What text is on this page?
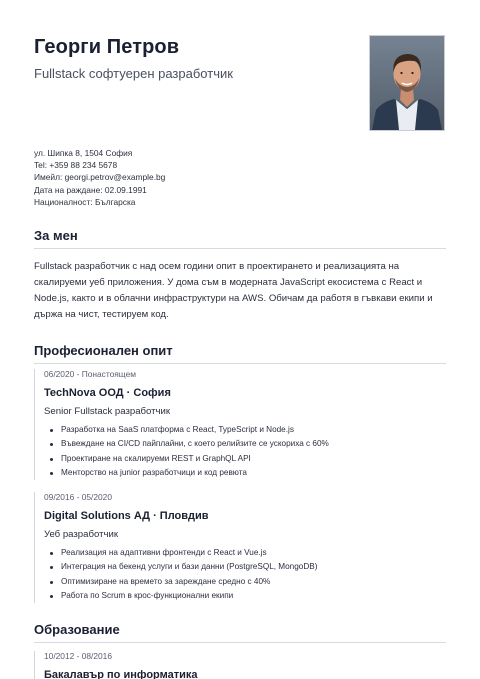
Георги Петров
Fullstack софтуерен разработчик
ул. Шипка 8, 1504 София
Tel: +359 88 234 5678
Имейл: georgi.petrov@example.bg
Дата на раждане: 02.09.1991
Националност: Българска
За мен
Fullstack разработчик с над осем години опит в проектирането и реализацията на скалируеми уеб приложения. У дома съм в модерната JavaScript екосистема с React и Node.js, както и в облачни инфраструктури на AWS. Обичам да работя в гъвкави екипи и държа на чист, тестируем код.
Професионален опит
06/2020 - Понастоящем
TechNova ООД · София
Senior Fullstack разработчик
Разработка на SaaS платформа с React, TypeScript и Node.js
Въвеждане на CI/CD пайплайни, с което релийзите се ускориха с 60%
Проектиране на скалируеми REST и GraphQL API
Менторство на junior разработчици и код ревюта
09/2016 - 05/2020
Digital Solutions АД · Пловдив
Уеб разработчик
Реализация на адаптивни фронтенди с React и Vue.js
Интеграция на бекенд услуги и бази данни (PostgreSQL, MongoDB)
Оптимизиране на времето за зареждане средно с 40%
Работа по Scrum в крос-функционални екипи
Образование
10/2012 - 08/2016
Бакалавър по информатика
